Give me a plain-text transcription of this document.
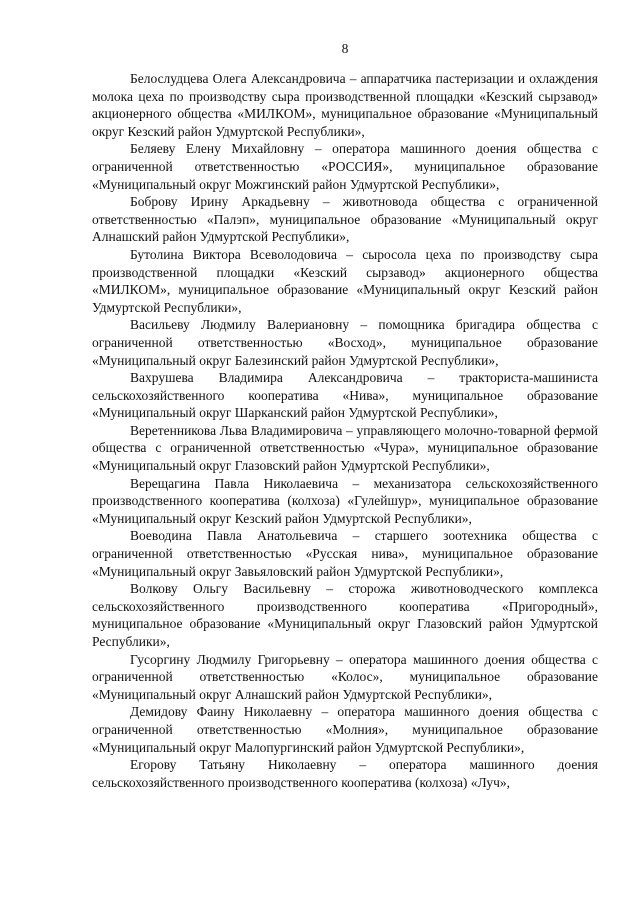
8

Белослудцева Олега Александровича – аппаратчика пастеризации и охлаждения молока цеха по производству сыра производственной площадки «Кезский сырзавод» акционерного общества «МИЛКОМ», муниципальное образование «Муниципальный округ Кезский район Удмуртской Республики»,

Беляеву Елену Михайловну – оператора машинного доения общества с ограниченной ответственностью «РОССИЯ», муниципальное образование «Муниципальный округ Можгинский район Удмуртской Республики»,

Боброву Ирину Аркадьевну – животновода общества с ограниченной ответственностью «Палэп», муниципальное образование «Муниципальный округ Алнашский район Удмуртской Республики»,

Бутолина Виктора Всеволодовича – сыросола цеха по производству сыра производственной площадки «Кезский сырзавод» акционерного общества «МИЛКОМ», муниципальное образование «Муниципальный округ Кезский район Удмуртской Республики»,

Васильеву Людмилу Валериановну – помощника бригадира общества с ограниченной ответственностью «Восход», муниципальное образование «Муниципальный округ Балезинский район Удмуртской Республики»,

Вахрушева Владимира Александровича – тракториста-машиниста сельскохозяйственного кооператива «Нива», муниципальное образование «Муниципальный округ Шарканский район Удмуртской Республики»,

Веретенникова Льва Владимировича – управляющего молочно-товарной фермой общества с ограниченной ответственностью «Чура», муниципальное образование «Муниципальный округ Глазовский район Удмуртской Республики»,

Верещагина Павла Николаевича – механизатора сельскохозяйственного производственного кооператива (колхоза) «Гулейшур», муниципальное образование «Муниципальный округ Кезский район Удмуртской Республики»,

Воеводина Павла Анатольевича – старшего зоотехника общества с ограниченной ответственностью «Русская нива», муниципальное образование «Муниципальный округ Завьяловский район Удмуртской Республики»,

Волкову Ольгу Васильевну – сторожа животноводческого комплекса сельскохозяйственного производственного кооператива «Пригородный», муниципальное образование «Муниципальный округ Глазовский район Удмуртской Республики»,

Гусоргину Людмилу Григорьевну – оператора машинного доения общества с ограниченной ответственностью «Колос», муниципальное образование «Муниципальный округ Алнашский район Удмуртской Республики»,

Демидову Фаину Николаевну – оператора машинного доения общества с ограниченной ответственностью «Молния», муниципальное образование «Муниципальный округ Малопургинский район Удмуртской Республики»,

Егорову Татьяну Николаевну – оператора машинного доения сельскохозяйственного производственного кооператива (колхоза) «Луч»,
